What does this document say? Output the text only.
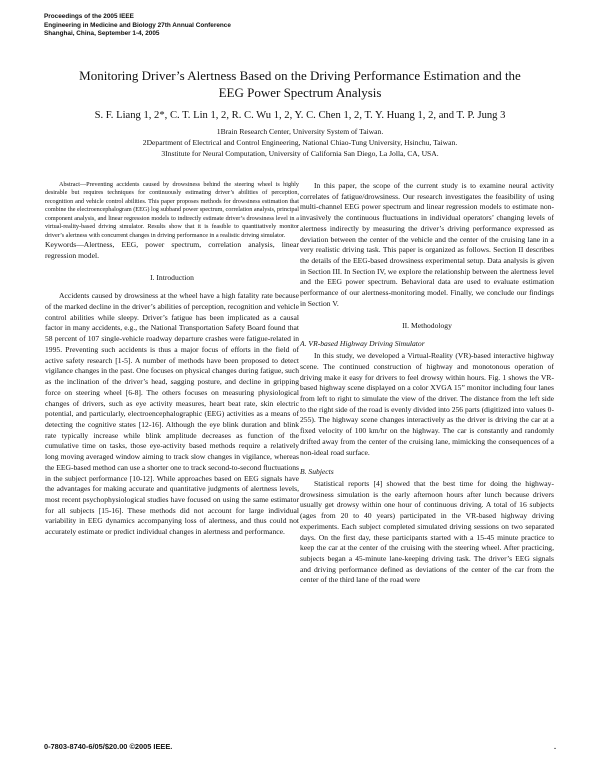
Proceedings of the 2005 IEEE
Engineering in Medicine and Biology 27th Annual Conference
Shanghai, China, September 1-4, 2005
Monitoring Driver’s Alertness Based on the Driving Performance Estimation and the
EEG Power Spectrum Analysis
S. F. Liang 1, 2*, C. T. Lin 1, 2, R. C. Wu 1, 2, Y. C. Chen 1, 2, T. Y. Huang 1, 2, and T. P. Jung 3
1Brain Research Center, University System of Taiwan.
2Department of Electrical and Control Engineering, National Chiao-Tung University, Hsinchu, Taiwan.
3Institute for Neural Computation, University of California San Diego, La Jolla, CA, USA.

Abstract—Preventing accidents caused by drowsiness behind the steering wheel is highly desirable but requires techniques for continuously estimating driver’s abilities of perception, recognition and vehicle control abilities. This paper proposes methods for drowsiness estimation that combine the electroencephalogram (EEG) log subband power spectrum, correlation analysis, principal component analysis, and linear regression models to indirectly estimate driver’s drowsiness level in a virtual-reality-based driving simulator. Results show that it is feasible to quantitatively monitor driver’s alertness with concurrent changes in driving performance in a realistic driving simulator.

Keywords—Alertness, EEG, power spectrum, correlation analysis, linear regression model.

I. Introduction

Accidents caused by drowsiness at the wheel have a high fatality rate because of the marked decline in the driver’s abilities of perception, recognition and vehicle control abilities while sleepy. Driver’s fatigue has been implicated as a causal factor in many accidents, e.g., the National Transportation Safety Board found that 58 percent of 107 single-vehicle roadway departure crashes were fatigue-related in 1995. Preventing such accidents is thus a major focus of efforts in the field of active safety research [1-5]. A number of methods have been proposed to detect vigilance changes in the past. One focuses on physical changes during fatigue, such as the inclination of the driver’s head, sagging posture, and decline in gripping force on steering wheel [6-8]. The others focuses on measuring physiological changes of drivers, such as eye activity measures, heart beat rate, skin electric potential, and particularly, electroencephalographic (EEG) activities as a means of detecting the cognitive states [12-16]. Although the eye blink duration and blink rate typically increase while blink amplitude decreases as function of the cumulative time on tasks, those eye-activity based methods require a relatively long moving averaged window aiming to track slow changes in vigilance, whereas the EEG-based method can use a shorter one to track second-to-second fluctuations in the subject performance [10-12]. While approaches based on EEG signals have the advantages for making accurate and quantitative judgments of alertness levels, most recent psychophysiological studies have focused on using the same estimator for all subjects [15-16]. These methods did not account for large individual variability in EEG dynamics accompanying loss of alertness, and thus could not accurately estimate or predict individual changes in alertness and performance.

In this paper, the scope of the current study is to examine neural activity correlates of fatigue/drowsiness. Our research investigates the feasibility of using multi-channel EEG power spectrum and linear regression models to estimate non-invasively the continuous fluctuations in individual operators’ changing levels of alertness indirectly by measuring the driver’s driving performance expressed as deviation between the center of the vehicle and the center of the cruising lane in a very realistic driving task. This paper is organized as follows. Section II describes the details of the EEG-based drowsiness experimental setup. Data analysis is given in Section III. In Section IV, we explore the relationship between the alertness level and the EEG power spectrum. Behavioral data are used to evaluate estimation performance of our alertness-monitoring model. Finally, we conclude our findings in Section V.

II. Methodology
A. VR-based Highway Driving Simulator

In this study, we developed a Virtual-Reality (VR)-based interactive highway scene. The continued construction of highway and monotonous operation of driving make it easy for drivers to feel drowsy within hours. Fig. 1 shows the VR-based highway scene displayed on a color XVGA 15” monitor including four lanes from left to right to simulate the view of the driver. The distance from the left side to the right side of the road is evenly divided into 256 parts (digitized into values 0-255). The highway scene changes interactively as the driver is driving the car at a fixed velocity of 100 km/hr on the highway. The car is constantly and randomly drifted away from the center of the cruising lane, mimicking the consequences of a non-ideal road surface.

B. Subjects

Statistical reports [4] showed that the best time for doing the highway-drowsiness simulation is the early afternoon hours after lunch because drivers usually get drowsy within one hour of continuous driving. A total of 16 subjects (ages from 20 to 40 years) participated in the VR-based highway driving experiments. Each subject completed simulated driving sessions on two separated days. On the first day, these participants started with a 15-45 minute practice to keep the car at the center of the cruising with the steering wheel. After practicing, subjects began a 45-minute lane-keeping driving task. The driver’s EEG signals and driving performance defined as deviations of the center of the car from the center of the third lane of the road were

0-7803-8740-6/05/$20.00 ©2005 IEEE.	.
